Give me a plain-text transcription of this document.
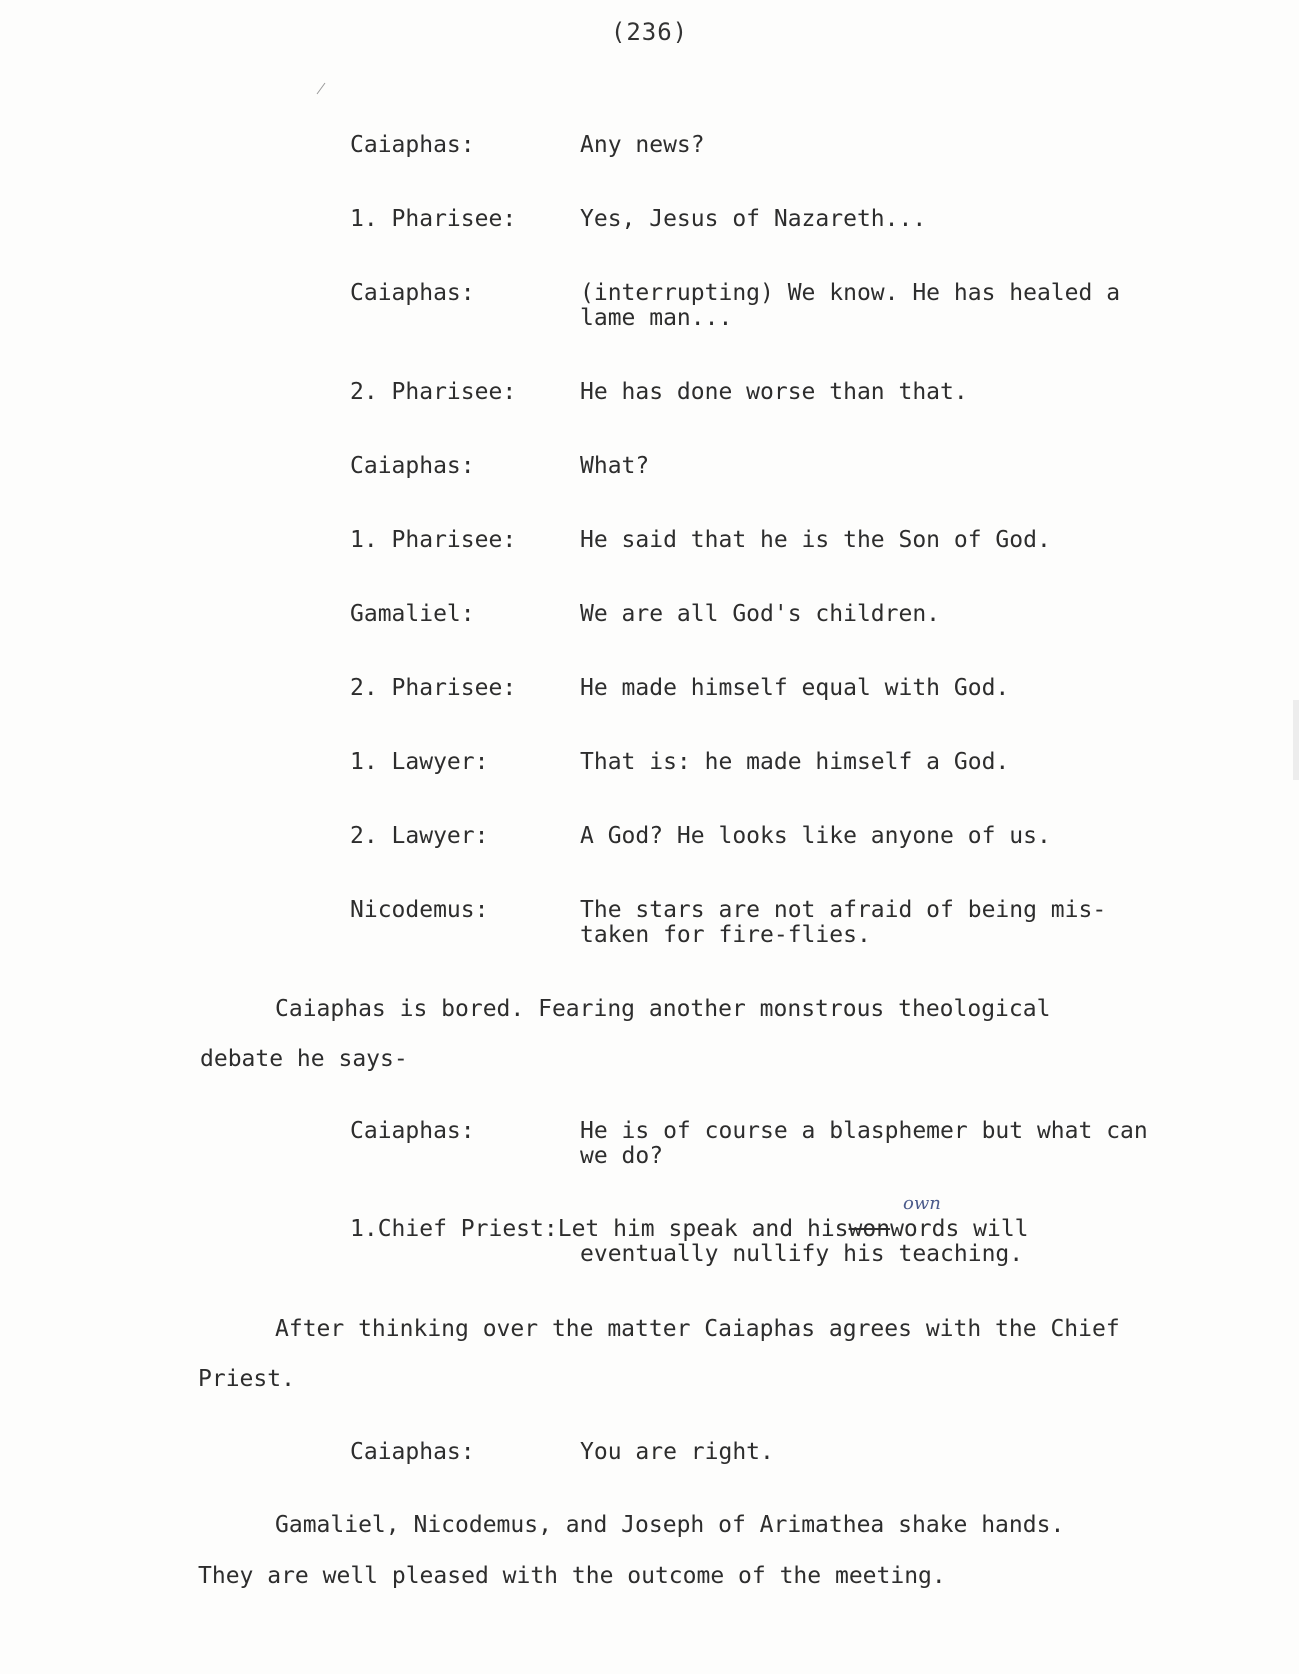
(236)
Caiaphas:	Any news?
1. Pharisee:	Yes, Jesus of Nazareth...
Caiaphas:	(interrupting) We know. He has healed a
lame man...
2. Pharisee:	He has done worse than that.
Caiaphas:	What?
1. Pharisee:	He said that he is the Son of God.
Gamaliel:	We are all God's children.
2. Pharisee:	He made himself equal with God.
1. Lawyer:	That is: he made himself a God.
2. Lawyer:	A God? He looks like anyone of us.
Nicodemus:	The stars are not afraid of being mis-
taken for fire-flies.
Caiaphas is bored. Fearing another monstrous theological
debate he says-
Caiaphas:	He is of course a blasphemer but what can
we do?
own
1.Chief Priest:Let him speak and hiswonwords will
eventually nullify his teaching.
After thinking over the matter Caiaphas agrees with the Chief
Priest.
Caiaphas:	You are right.
Gamaliel, Nicodemus, and Joseph of Arimathea shake hands.
They are well pleased with the outcome of the meeting.
